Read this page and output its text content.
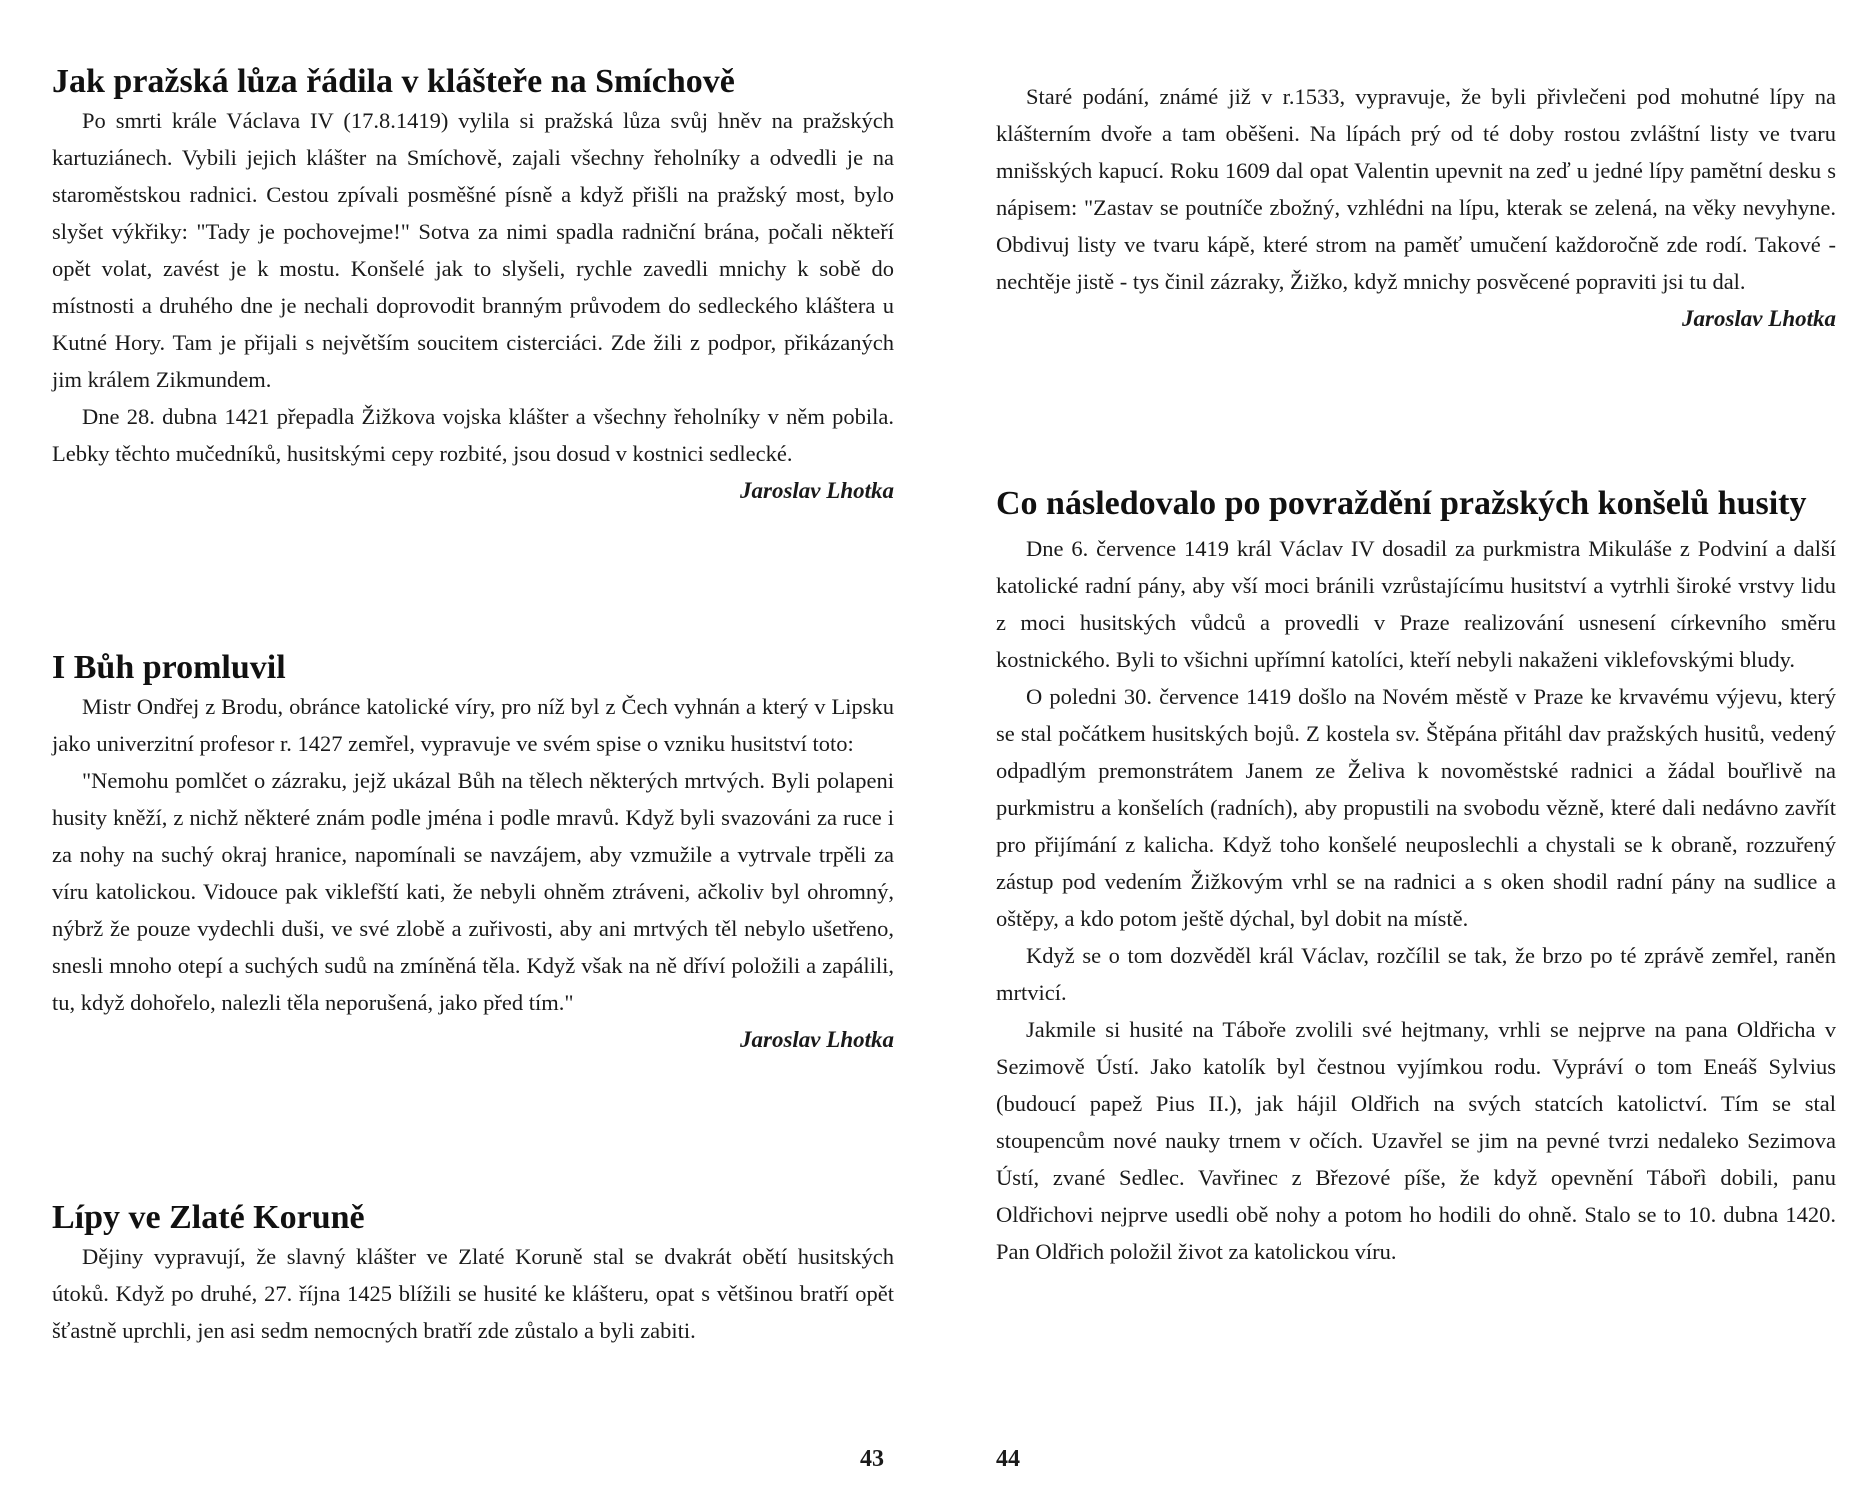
Jak pražská lůza řádila v klášteře na Smíchově

Po smrti krále Václava IV (17.8.1419) vylila si pražská lůza svůj hněv na pražských kartuziánech. Vybili jejich klášter na Smíchově, zajali všechny řeholníky a odvedli je na staroměstskou radnici. Cestou zpívali posměšné písně a když přišli na pražský most, bylo slyšet výkřiky: "Tady je pochovejme!" Sotva za nimi spadla radniční brána, počali někteří opět volat, zavést je k mostu. Konšelé jak to slyšeli, rychle zavedli mnichy k sobě do místnosti a druhého dne je nechali doprovodit branným průvodem do sedleckého kláštera u Kutné Hory. Tam je přijali s největším soucitem cisterciáci. Zde žili z podpor, přikázaných jim králem Zikmundem.

Dne 28. dubna 1421 přepadla Žižkova vojska klášter a všechny řeholníky v něm pobila. Lebky těchto mučedníků, husitskými cepy rozbité, jsou dosud v kostnici sedlecké.

Jaroslav Lhotka

I Bůh promluvil

Mistr Ondřej z Brodu, obránce katolické víry, pro níž byl z Čech vyhnán a který v Lipsku jako univerzitní profesor r. 1427 zemřel, vypravuje ve svém spise o vzniku husitství toto:

"Nemohu pomlčet o zázraku, jejž ukázal Bůh na tělech některých mrtvých. Byli polapeni husity kněží, z nichž některé znám podle jména i podle mravů. Když byli svazováni za ruce i za nohy na suchý okraj hranice, napomínali se navzájem, aby vzmužile a vytrvale trpěli za víru katolickou. Vidouce pak viklefští kati, že nebyli ohněm ztráveni, ačkoliv byl ohromný, nýbrž že pouze vydechli duši, ve své zlobě a zuřivosti, aby ani mrtvých těl nebylo ušetřeno, snesli mnoho otepí a suchých sudů na zmíněná těla. Když však na ně dříví položili a zapálili, tu, když dohořelo, nalezli těla neporušená, jako před tím."

Jaroslav Lhotka

Lípy ve Zlaté Koruně

Dějiny vypravují, že slavný klášter ve Zlaté Koruně stal se dvakrát obětí husitských útoků. Když po druhé, 27. října 1425 blížili se husité ke klášteru, opat s většinou bratří opět šťastně uprchli, jen asi sedm nemocných bratří zde zůstalo a byli zabiti.

43

Staré podání, známé již v r.1533, vypravuje, že byli přivlečeni pod mohutné lípy na klášterním dvoře a tam oběšeni. Na lípách prý od té doby rostou zvláštní listy ve tvaru mnišských kapucí. Roku 1609 dal opat Valentin upevnit na zeď u jedné lípy pamětní desku s nápisem: "Zastav se poutníče zbožný, vzhlédni na lípu, kterak se zelená, na věky nevyhyne. Obdivuj listy ve tvaru kápě, které strom na paměť umučení každoročně zde rodí. Takové - nechtěje jistě - tys činil zázraky, Žižko, když mnichy posvěcené popraviti jsi tu dal.

Jaroslav Lhotka

Co následovalo po povraždění pražských konšelů husity

Dne 6. července 1419 král Václav IV dosadil za purkmistra Mikuláše z Podviní a další katolické radní pány, aby vší moci bránili vzrůstajícímu husitství a vytrhli široké vrstvy lidu z moci husitských vůdců a provedli v Praze realizování usnesení církevního směru kostnického. Byli to všichni upřímní katolíci, kteří nebyli nakaženi viklefovskými bludy.

O poledni 30. července 1419 došlo na Novém městě v Praze ke krvavému výjevu, který se stal počátkem husitských bojů. Z kostela sv. Štěpána přitáhl dav pražských husitů, vedený odpadlým premonstrátem Janem ze Želiva k novoměstské radnici a žádal bouřlivě na purkmistru a konšelích (radních), aby propustili na svobodu vězně, které dali nedávno zavřít pro přijímání z kalicha. Když toho konšelé neuposlechli a chystali se k obraně, rozzuřený zástup pod vedením Žižkovým vrhl se na radnici a s oken shodil radní pány na sudlice a oštěpy, a kdo potom ještě dýchal, byl dobit na místě.

Když se o tom dozvěděl král Václav, rozčílil se tak, že brzo po té zprávě zemřel, raněn mrtvicí.

Jakmile si husité na Táboře zvolili své hejtmany, vrhli se nejprve na pana Oldřicha v Sezimově Ústí. Jako katolík byl čestnou vyjímkou rodu. Vypráví o tom Eneáš Sylvius (budoucí papež Pius II.), jak hájil Oldřich na svých statcích katolictví. Tím se stal stoupencům nové nauky trnem v očích. Uzavřel se jim na pevné tvrzi nedaleko Sezimova Ústí, zvané Sedlec. Vavřinec z Březové píše, že když opevnění Tábořì dobili, panu Oldřichovi nejprve usedli obě nohy a potom ho hodili do ohně. Stalo se to 10. dubna 1420. Pan Oldřich položil život za katolickou víru.

44
